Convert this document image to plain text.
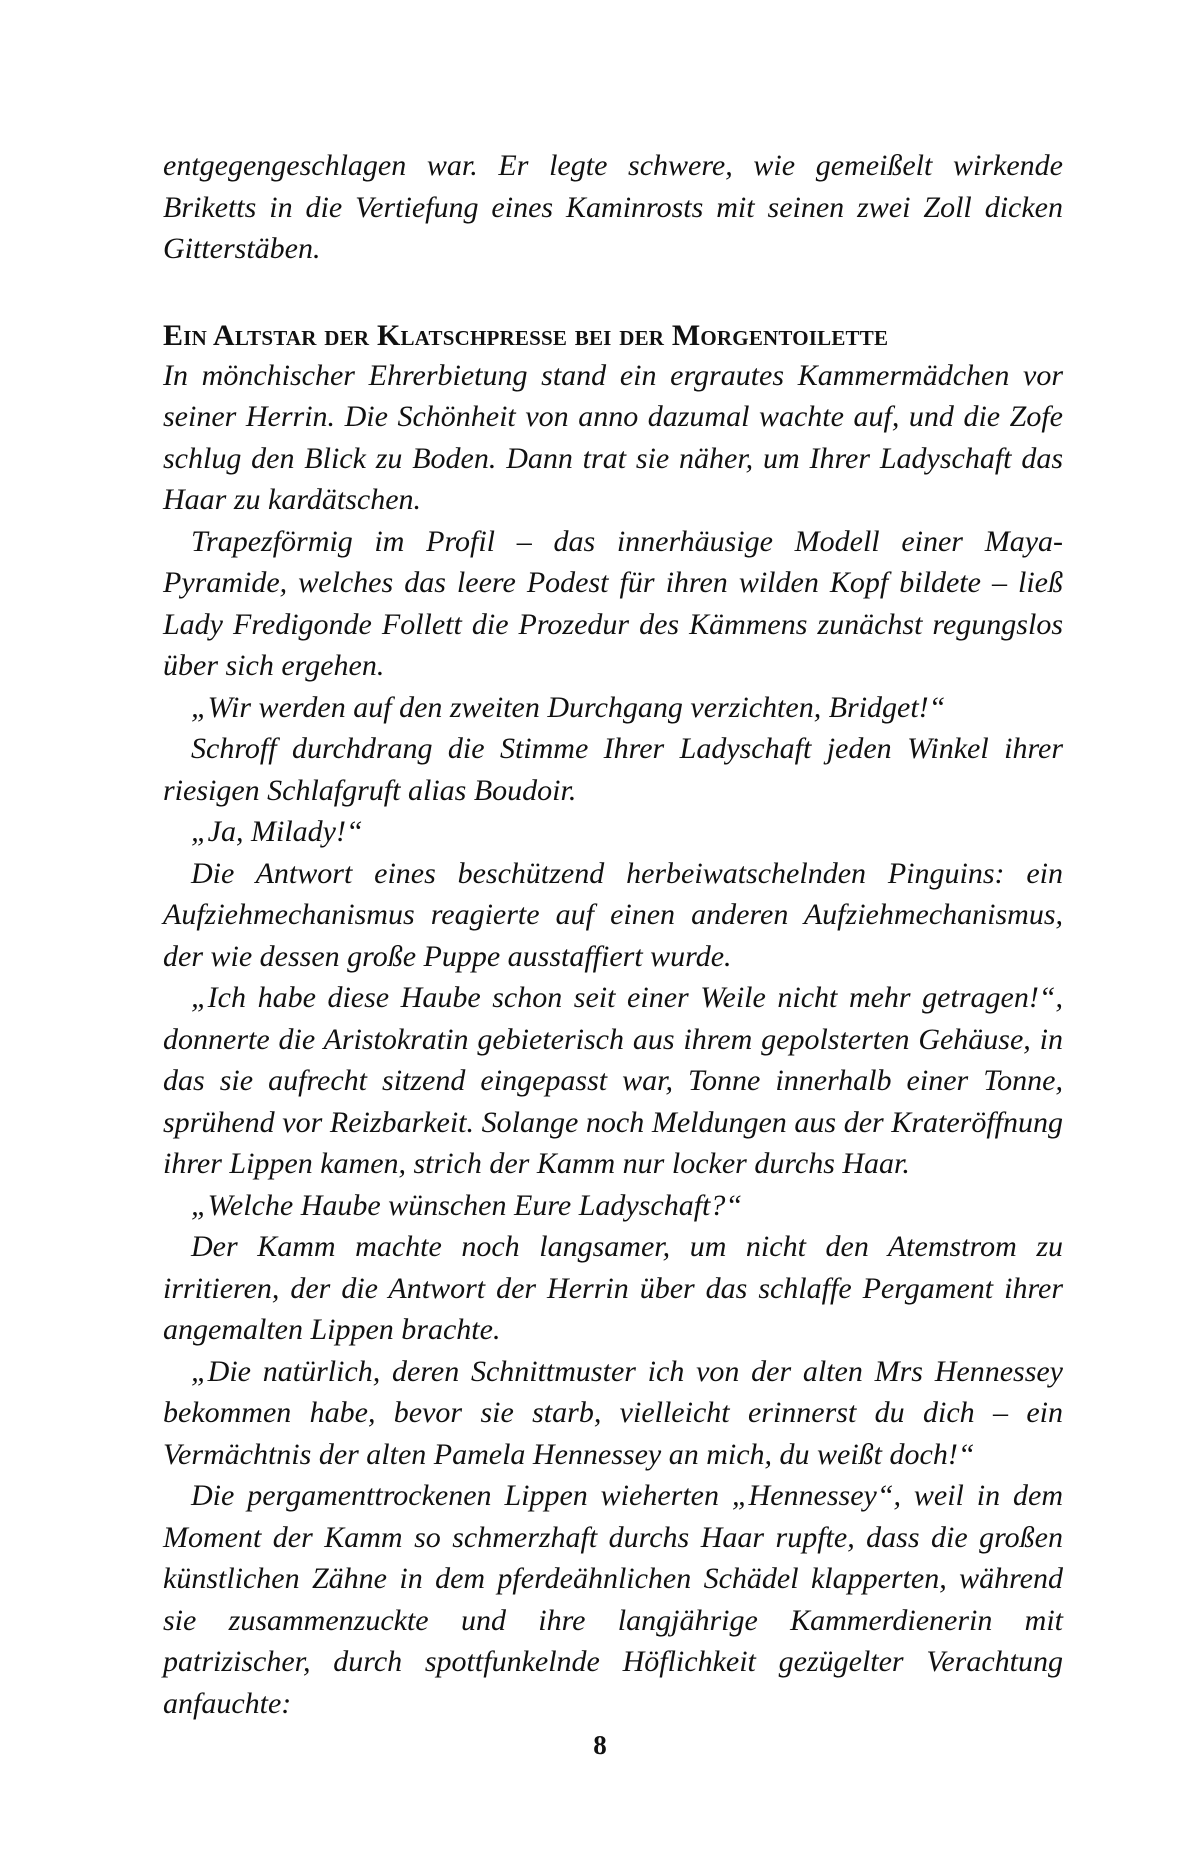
entgegengeschlagen war. Er legte schwere, wie gemeißelt wirkende Briketts in die Vertiefung eines Kaminrosts mit seinen zwei Zoll dicken Gitterstäben.

Ein Altstar der Klatschpresse bei der Morgentoilette

In mönchischer Ehrerbietung stand ein ergrautes Kammermädchen vor seiner Herrin. Die Schönheit von anno dazumal wachte auf, und die Zofe schlug den Blick zu Boden. Dann trat sie näher, um Ihrer Ladyschaft das Haar zu kardätschen.

Trapezförmig im Profil – das innerhäusige Modell einer Maya-Pyramide, welches das leere Podest für ihren wilden Kopf bildete – ließ Lady Fredigonde Follett die Prozedur des Kämmens zunächst regungslos über sich ergehen.

„Wir werden auf den zweiten Durchgang verzichten, Bridget!“

Schroff durchdrang die Stimme Ihrer Ladyschaft jeden Winkel ihrer riesigen Schlafgruft alias Boudoir.

„Ja, Milady!“

Die Antwort eines beschützend herbeiwatschelnden Pinguins: ein Aufziehmechanismus reagierte auf einen anderen Aufziehmechanismus, der wie dessen große Puppe ausstaffiert wurde.

„Ich habe diese Haube schon seit einer Weile nicht mehr getragen!“, donnerte die Aristokratin gebieterisch aus ihrem gepolsterten Gehäuse, in das sie aufrecht sitzend eingepasst war, Tonne innerhalb einer Tonne, sprühend vor Reizbarkeit. Solange noch Meldungen aus der Krateröffnung ihrer Lippen kamen, strich der Kamm nur locker durchs Haar.

„Welche Haube wünschen Eure Ladyschaft?“

Der Kamm machte noch langsamer, um nicht den Atemstrom zu irritieren, der die Antwort der Herrin über das schlaffe Pergament ihrer angemalten Lippen brachte.

„Die natürlich, deren Schnittmuster ich von der alten Mrs Hennessey bekommen habe, bevor sie starb, vielleicht erinnerst du dich – ein Vermächtnis der alten Pamela Hennessey an mich, du weißt doch!“

Die pergamenttrockenen Lippen wieherten „Hennessey“, weil in dem Moment der Kamm so schmerzhaft durchs Haar rupfte, dass die großen künstlichen Zähne in dem pferdeähnlichen Schädel klapperten, während sie zusammenzuckte und ihre langjährige Kammerdienerin mit patrizischer, durch spottfunkelnde Höflichkeit gezügelter Verachtung anfauchte:

8
